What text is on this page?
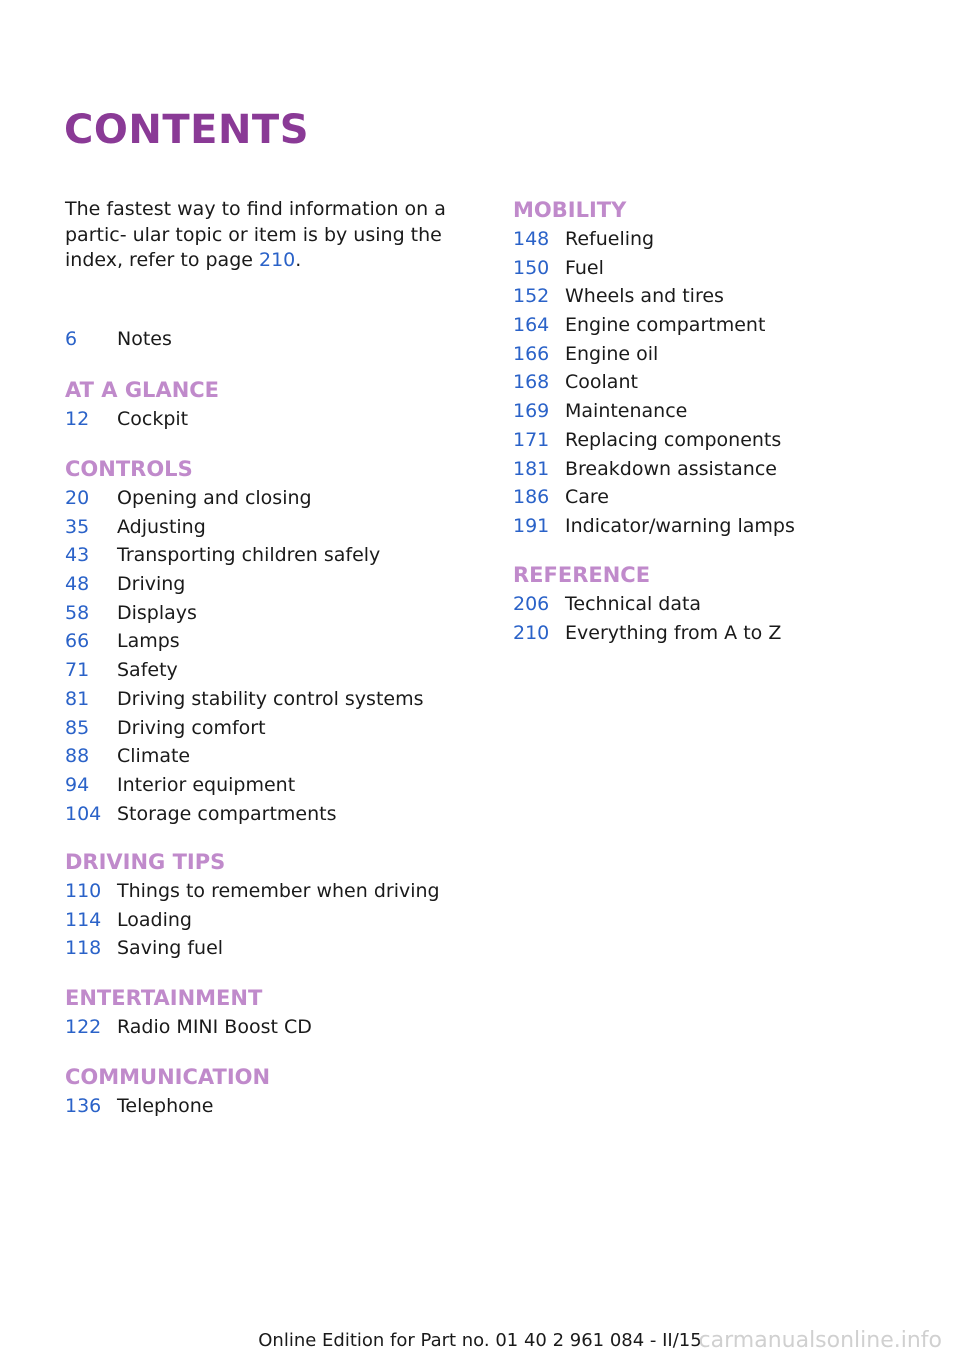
CONTENTS

The fastest way to find information on a partic‐ ular topic or item is by using the index, refer to page 210.

6 Notes
AT A GLANCE
12 Cockpit
CONTROLS
20 Opening and closing
35 Adjusting
43 Transporting children safely
48 Driving
58 Displays
66 Lamps
71 Safety
81 Driving stability control systems
85 Driving comfort
88 Climate
94 Interior equipment
104 Storage compartments
DRIVING TIPS
110 Things to remember when driving
114 Loading
118 Saving fuel
ENTERTAINMENT
122 Radio MINI Boost CD
COMMUNICATION
136 Telephone
MOBILITY
148 Refueling
150 Fuel
152 Wheels and tires
164 Engine compartment
166 Engine oil
168 Coolant
169 Maintenance
171 Replacing components
181 Breakdown assistance
186 Care
191 Indicator/warning lamps
REFERENCE
206 Technical data
210 Everything from A to Z
Online Edition for Part no. 01 40 2 961 084 - II/15
carmanualsonline.info
